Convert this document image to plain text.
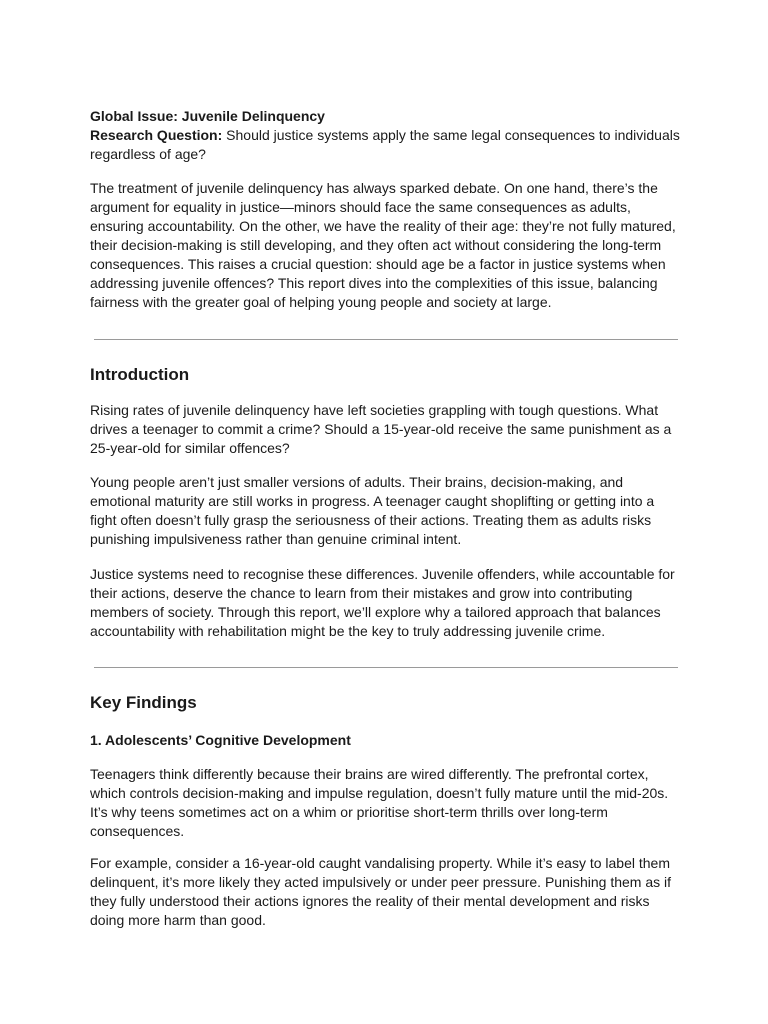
Global Issue: Juvenile Delinquency

Research Question: Should justice systems apply the same legal consequences to individuals regardless of age?

The treatment of juvenile delinquency has always sparked debate. On one hand, there’s the argument for equality in justice—minors should face the same consequences as adults, ensuring accountability. On the other, we have the reality of their age: they’re not fully matured, their decision-making is still developing, and they often act without considering the long-term consequences. This raises a crucial question: should age be a factor in justice systems when addressing juvenile offences? This report dives into the complexities of this issue, balancing fairness with the greater goal of helping young people and society at large.

Introduction

Rising rates of juvenile delinquency have left societies grappling with tough questions. What drives a teenager to commit a crime? Should a 15-year-old receive the same punishment as a 25-year-old for similar offences?

Young people aren’t just smaller versions of adults. Their brains, decision-making, and emotional maturity are still works in progress. A teenager caught shoplifting or getting into a fight often doesn’t fully grasp the seriousness of their actions. Treating them as adults risks punishing impulsiveness rather than genuine criminal intent.

Justice systems need to recognise these differences. Juvenile offenders, while accountable for their actions, deserve the chance to learn from their mistakes and grow into contributing members of society. Through this report, we’ll explore why a tailored approach that balances accountability with rehabilitation might be the key to truly addressing juvenile crime.

Key Findings
1. Adolescents’ Cognitive Development

Teenagers think differently because their brains are wired differently. The prefrontal cortex, which controls decision-making and impulse regulation, doesn’t fully mature until the mid-20s. It’s why teens sometimes act on a whim or prioritise short-term thrills over long-term consequences.

For example, consider a 16-year-old caught vandalising property. While it’s easy to label them delinquent, it’s more likely they acted impulsively or under peer pressure. Punishing them as if they fully understood their actions ignores the reality of their mental development and risks doing more harm than good.
